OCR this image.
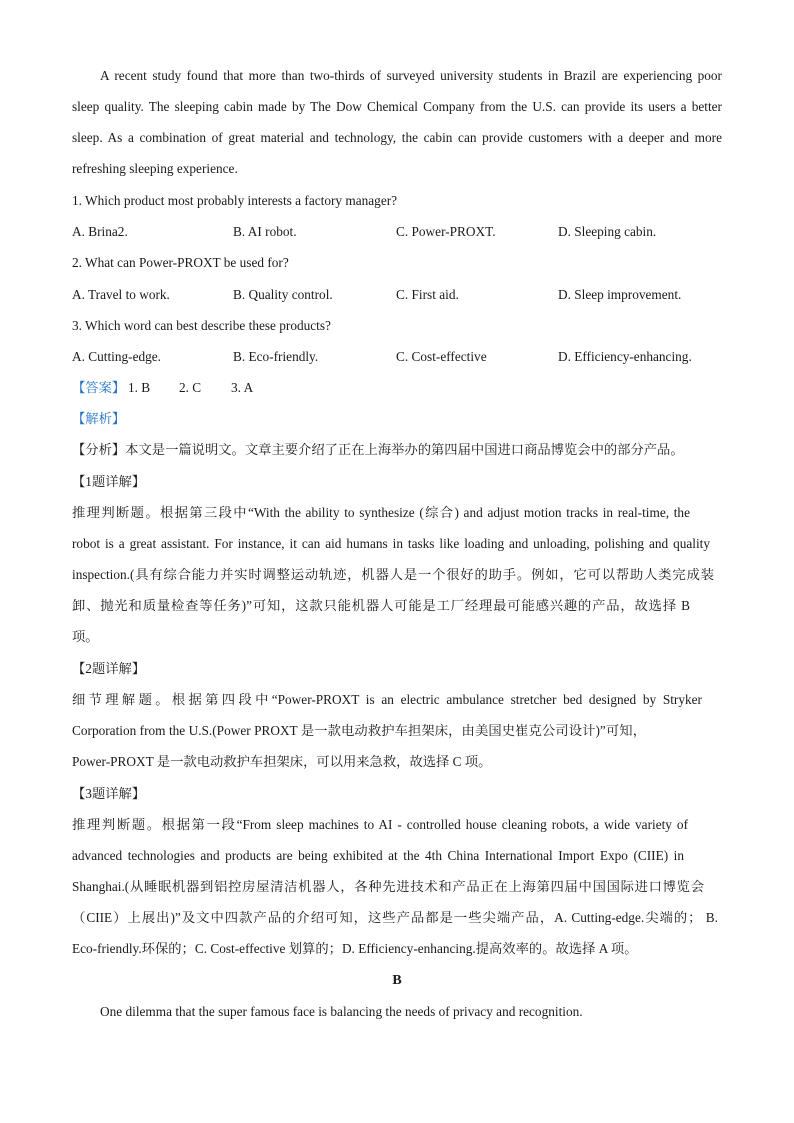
A recent study found that more than two-thirds of surveyed university students in Brazil are experiencing poor
sleep quality. The sleeping cabin made by The Dow Chemical Company from the U.S. can provide its users a better
sleep. As a combination of great material and technology, the cabin can provide customers with a deeper and more
refreshing sleeping experience.
1. Which product most probably interests a factory manager?
A. Brina2.	B. AI robot.	C. Power-PROXT.	D. Sleeping cabin.
2. What can Power-PROXT be used for?
A. Travel to work.	B. Quality control.	C. First aid.	D. Sleep improvement.
3. Which word can best describe these products?
A. Cutting-edge.	B. Eco-friendly.	C. Cost-effective	D. Efficiency-enhancing.
【答案】 1. B 2. C 3. A
【解析】
【分析】本文是一篇说明文。文章主要介绍了正在上海举办的第四届中国进口商品博览会中的部分产品。
【1题详解】
推理判断题。根据第三段中“With the ability to synthesize (综合) and adjust motion tracks in real-time, the
robot is a great assistant. For instance, it can aid humans in tasks like loading and unloading, polishing and quality
inspection.(具有综合能力并实时调整运动轨迹，机器人是一个很好的助手。例如，它可以帮助人类完成装
卸、抛光和质量检查等任务)”可知，这款只能机器人可能是工厂经理最可能感兴趣的产品，故选择 B
项。
【2题详解】
细节理解题。根据第四段中“Power-PROXT is an electric ambulance stretcher bed designed by Stryker
Corporation from the U.S.(Power PROXT 是一款电动救护车担架床，由美国史崔克公司设计)”可知，
Power-PROXT 是一款电动救护车担架床，可以用来急救，故选择 C 项。
【3题详解】
推理判断题。根据第一段“From sleep machines to AI - controlled house cleaning robots, a wide variety of
advanced technologies and products are being exhibited at the 4th China International Import Expo (CIIE) in
Shanghai.(从睡眠机器到铝控房屋清洁机器人，各种先进技术和产品正在上海第四届中国国际进口博览会
（CIIE）上展出)”及文中四款产品的介绍可知，这些产品都是一些尖端产品，A. Cutting-edge.尖端的； B.
Eco-friendly.环保的；C. Cost-effective 划算的；D. Efficiency-enhancing.提高效率的。故选择 A 项。
B
One dilemma that the super famous face is balancing the needs of privacy and recognition.
